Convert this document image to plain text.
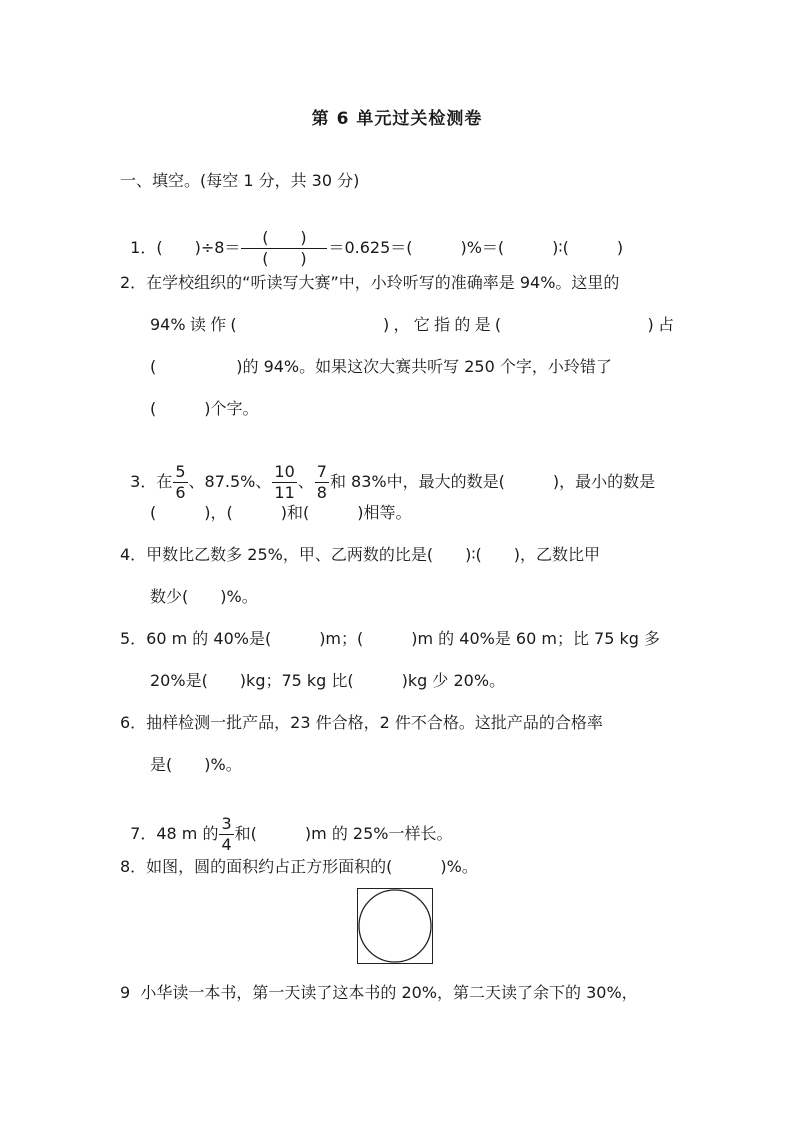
第 6 单元过关检测卷
一、填空。(每空 1 分，共 30 分)

1．(　　)$\div 8= \frac{( )}{( )} =0.625=$(　　　)%＝(　　　)∶(　　　)

2．在学校组织的“听读写大赛”中，小玲听写的准确率是 94%。这里的
94%读作(　　　　　　　)，它指的是(　　　　　　　)占
(　　　　　)的 94%。如果这次大赛共听写 250 个字，小玲错了
(　　　)个字。

3．在 $\frac{5}{6}$ 、87.5%、 $\frac{10}{11}$ 、 $\frac{7}{8}$ 和 83%中，最大的数是(　　　)，最小的数是

(　　　)，(　　　)和(　　　)相等。
4．甲数比乙数多 25%，甲、乙两数的比是(　　)∶(　　)，乙数比甲
数少(　　)%。
5．60 m 的 40%是(　　　)m；(　　　)m 的 40%是 60 m；比 75 kg 多
20%是(　　)kg；75 kg 比(　　　)kg 少 20%。
6．抽样检测一批产品，23 件合格，2 件不合格。这批产品的合格率
是(　　)%。

7．48 m 的 $\frac{3}{4}$ 和(　　　)m 的 25%一样长。

8．如图，圆的面积约占正方形面积的(　　　)%。
9  小华读一本书，第一天读了这本书的 20%，第二天读了余下的 30%，
